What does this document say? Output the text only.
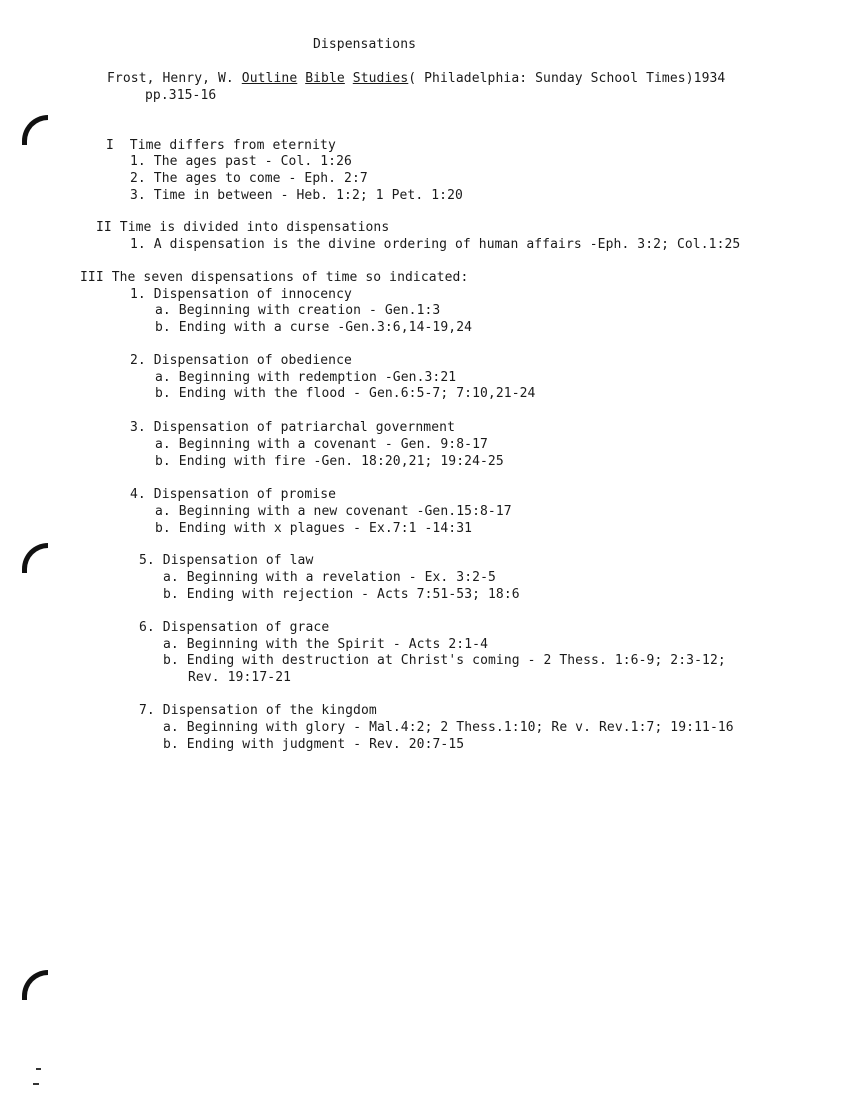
Dispensations
Frost, Henry, W. Outline Bible Studies( Philadelphia: Sunday School Times)1934
pp.315-16
I  Time differs from eternity
1. The ages past - Col. 1:26
2. The ages to come - Eph. 2:7
3. Time in between - Heb. 1:2; 1 Pet. 1:20
II Time is divided into dispensations
1. A dispensation is the divine ordering of human affairs -Eph. 3:2; Col.1:25
III The seven dispensations of time so indicated:
1. Dispensation of innocency
a. Beginning with creation - Gen.1:3
b. Ending with a curse -Gen.3:6,14-19,24
2. Dispensation of obedience
a. Beginning with redemption -Gen.3:21
b. Ending with the flood - Gen.6:5-7; 7:10,21-24
3. Dispensation of patriarchal government
a. Beginning with a covenant - Gen. 9:8-17
b. Ending with fire -Gen. 18:20,21; 19:24-25
4. Dispensation of promise
a. Beginning with a new covenant -Gen.15:8-17
b. Ending with x plagues - Ex.7:1 -14:31
5. Dispensation of law
a. Beginning with a revelation - Ex. 3:2-5
b. Ending with rejection - Acts 7:51-53; 18:6
6. Dispensation of grace
a. Beginning with the Spirit - Acts 2:1-4
b. Ending with destruction at Christ's coming - 2 Thess. 1:6-9; 2:3-12;
Rev. 19:17-21
7. Dispensation of the kingdom
a. Beginning with glory - Mal.4:2; 2 Thess.1:10; Re v. Rev.1:7; 19:11-16
b. Ending with judgment - Rev. 20:7-15
